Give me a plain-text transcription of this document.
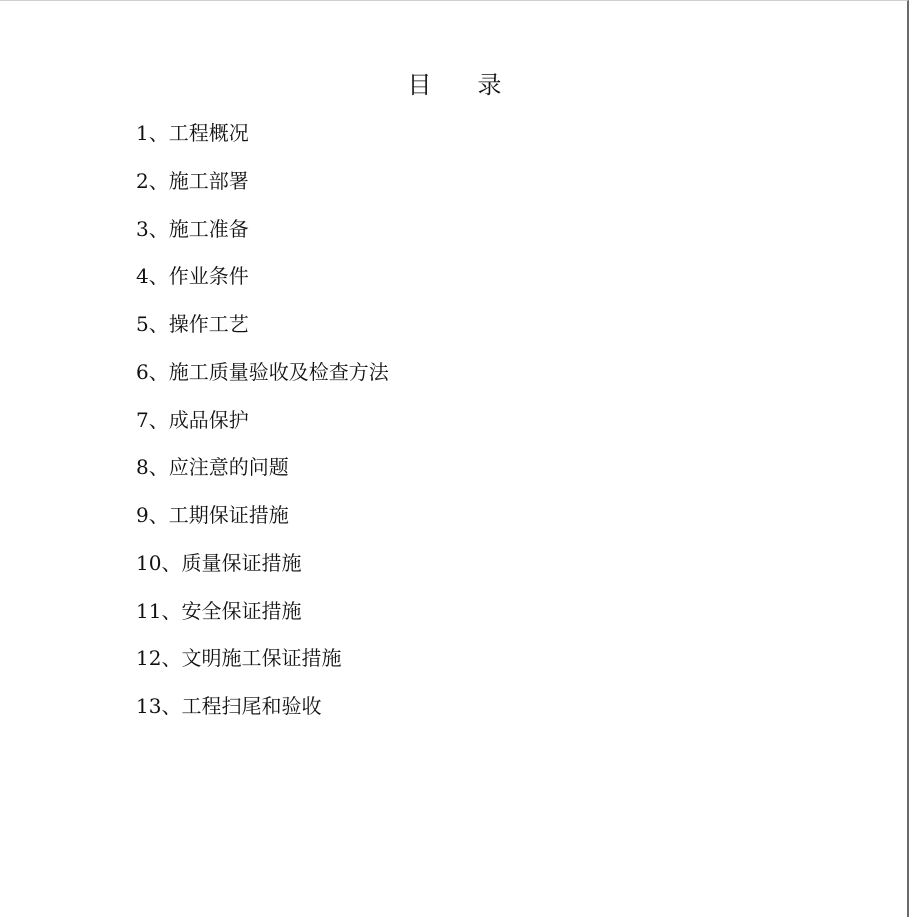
目录
1、工程概况
2、施工部署
3、施工准备
4、作业条件
5、操作工艺
6、施工质量验收及检查方法
7、成品保护
8、应注意的问题
9、工期保证措施
10、质量保证措施
11、安全保证措施
12、文明施工保证措施
13、工程扫尾和验收
